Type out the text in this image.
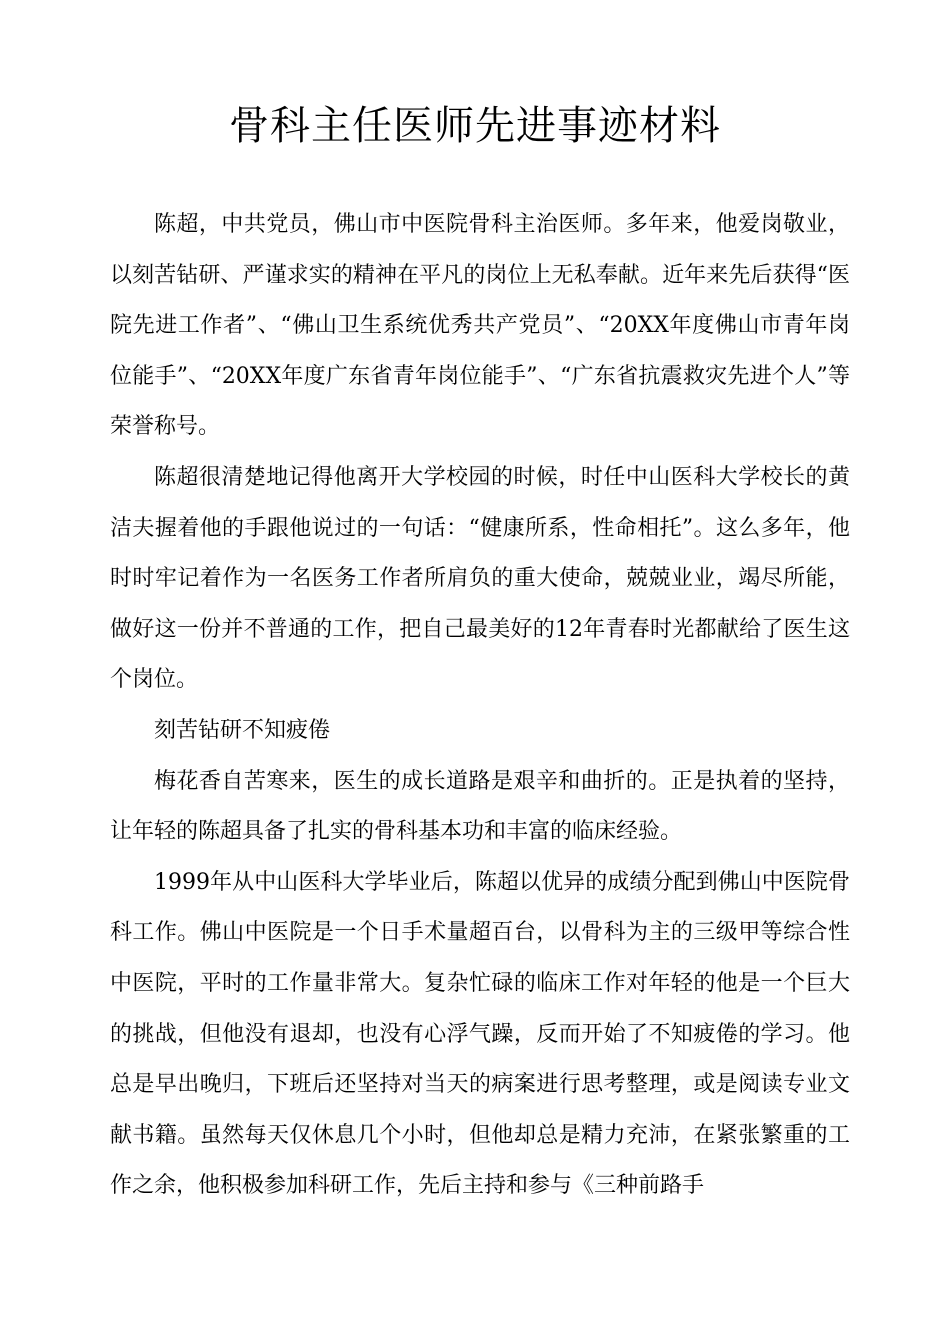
骨科主任医师先进事迹材料

陈超，中共党员，佛山市中医院骨科主治医师。多年来，他爱岗敬业，以刻苦钻研、严谨求实的精神在平凡的岗位上无私奉献。近年来先后获得“医院先进工作者”、“佛山卫生系统优秀共产党员”、“20XX年度佛山市青年岗位能手”、“20XX年度广东省青年岗位能手”、“广东省抗震救灾先进个人”等荣誉称号。

陈超很清楚地记得他离开大学校园的时候，时任中山医科大学校长的黄洁夫握着他的手跟他说过的一句话：“健康所系，性命相托”。这么多年，他时时牢记着作为一名医务工作者所肩负的重大使命，兢兢业业，竭尽所能，做好这一份并不普通的工作，把自己最美好的12年青春时光都献给了医生这个岗位。

刻苦钻研不知疲倦

梅花香自苦寒来，医生的成长道路是艰辛和曲折的。正是执着的坚持，让年轻的陈超具备了扎实的骨科基本功和丰富的临床经验。

1999年从中山医科大学毕业后，陈超以优异的成绩分配到佛山中医院骨科工作。佛山中医院是一个日手术量超百台，以骨科为主的三级甲等综合性中医院，平时的工作量非常大。复杂忙碌的临床工作对年轻的他是一个巨大的挑战，但他没有退却，也没有心浮气躁，反而开始了不知疲倦的学习。他总是早出晚归，下班后还坚持对当天的病案进行思考整理，或是阅读专业文献书籍。虽然每天仅休息几个小时，但他却总是精力充沛，在紧张繁重的工作之余，他积极参加科研工作，先后主持和参与《三种前路手
